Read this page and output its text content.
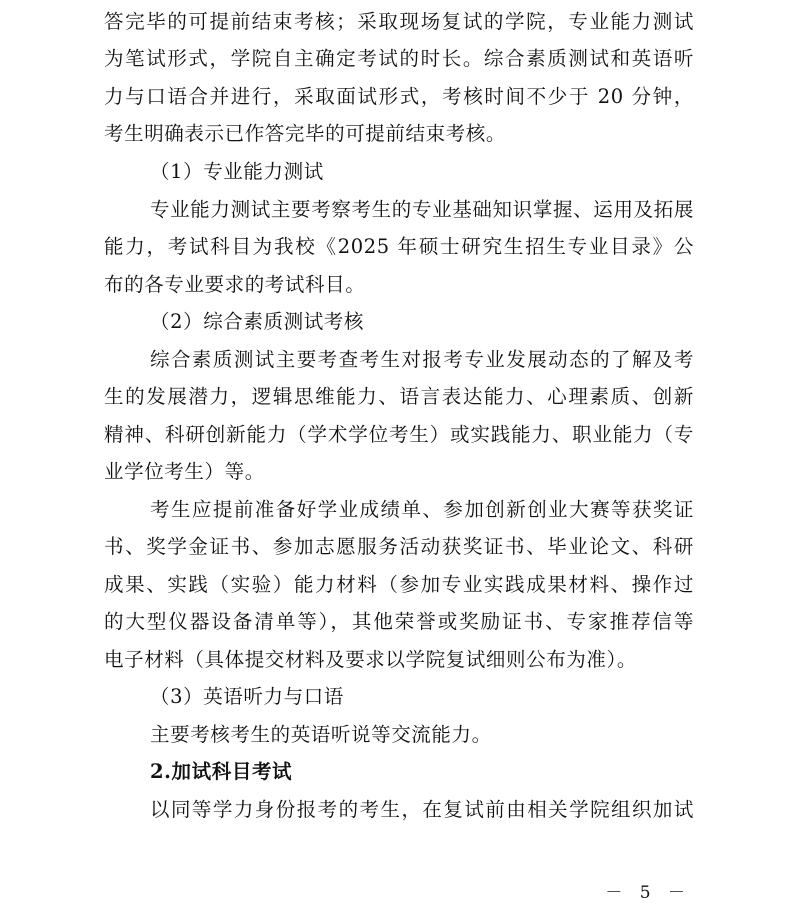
答完毕的可提前结束考核；采取现场复试的学院，专业能力测试
为笔试形式，学院自主确定考试的时长。综合素质测试和英语听
力与口语合并进行，采取面试形式，考核时间不少于 20 分钟，
考生明确表示已作答完毕的可提前结束考核。
（1）专业能力测试
专业能力测试主要考察考生的专业基础知识掌握、运用及拓展
能力，考试科目为我校《2025 年硕士研究生招生专业目录》公
布的各专业要求的考试科目。
（2）综合素质测试考核
综合素质测试主要考查考生对报考专业发展动态的了解及考
生的发展潜力，逻辑思维能力、语言表达能力、心理素质、创新
精神、科研创新能力（学术学位考生）或实践能力、职业能力（专
业学位考生）等。
考生应提前准备好学业成绩单、参加创新创业大赛等获奖证
书、奖学金证书、参加志愿服务活动获奖证书、毕业论文、科研
成果、实践（实验）能力材料（参加专业实践成果材料、操作过
的大型仪器设备清单等），其他荣誉或奖励证书、专家推荐信等
电子材料（具体提交材料及要求以学院复试细则公布为准）。
（3）英语听力与口语
主要考核考生的英语听说等交流能力。
2.加试科目考试
以同等学力身份报考的考生，在复试前由相关学院组织加试
－ 5 －
